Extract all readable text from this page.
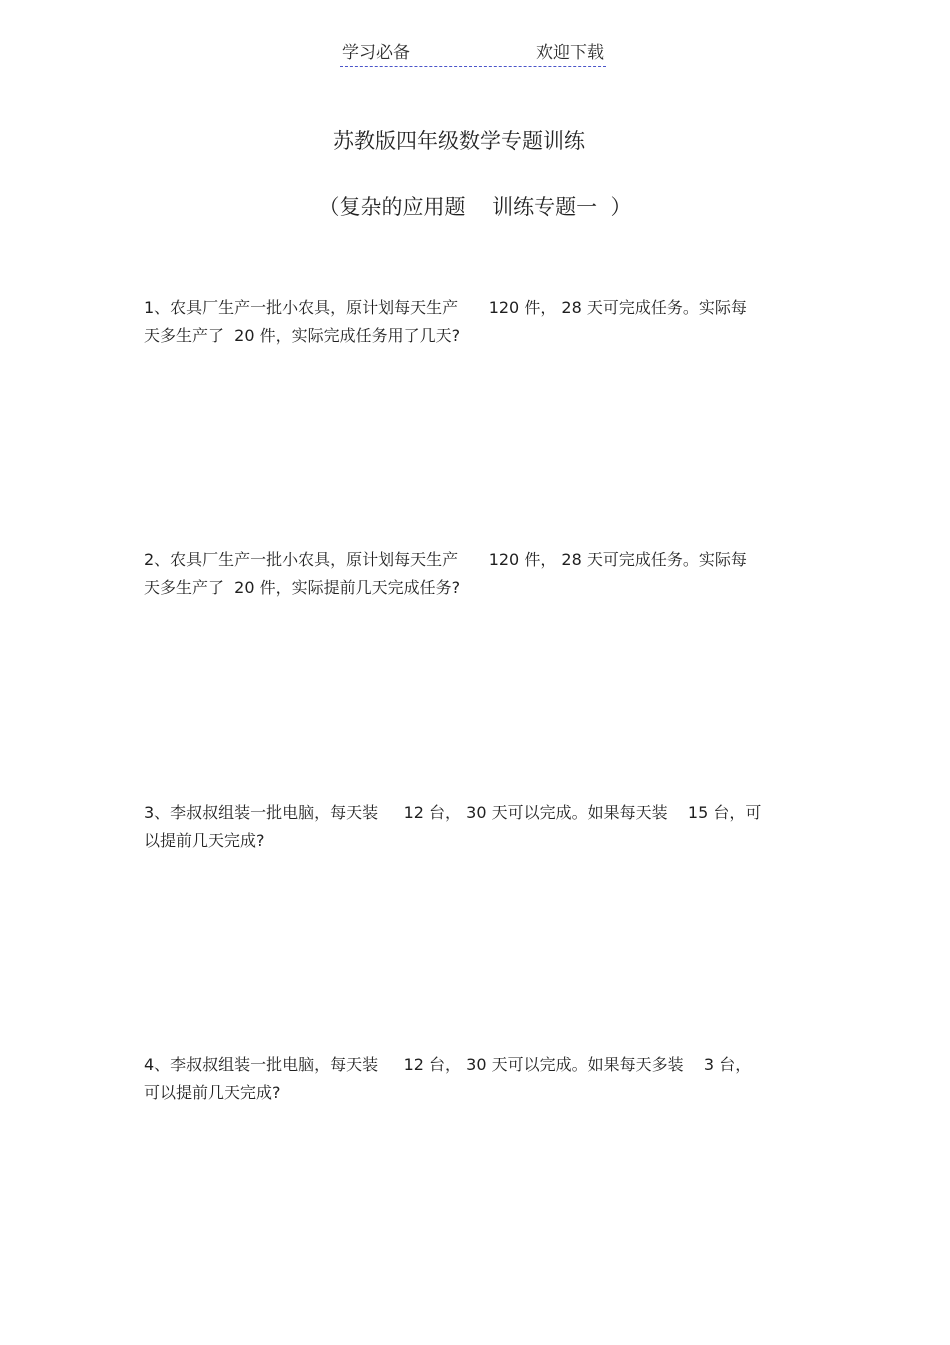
学习必备	欢迎下载
苏教版四年级数学专题训练
（复杂的应用题    训练专题一  ）
1、农具厂生产一批小农具，原计划每天生产      120 件， 28 天可完成任务。实际每
天多生产了  20 件，实际完成任务用了几天?
2、农具厂生产一批小农具，原计划每天生产      120 件， 28 天可完成任务。实际每
天多生产了  20 件，实际提前几天完成任务?
3、李叔叔组装一批电脑，每天装     12 台， 30 天可以完成。如果每天装    15 台，可
以提前几天完成?
4、李叔叔组装一批电脑，每天装     12 台， 30 天可以完成。如果每天多装    3 台，
可以提前几天完成?
